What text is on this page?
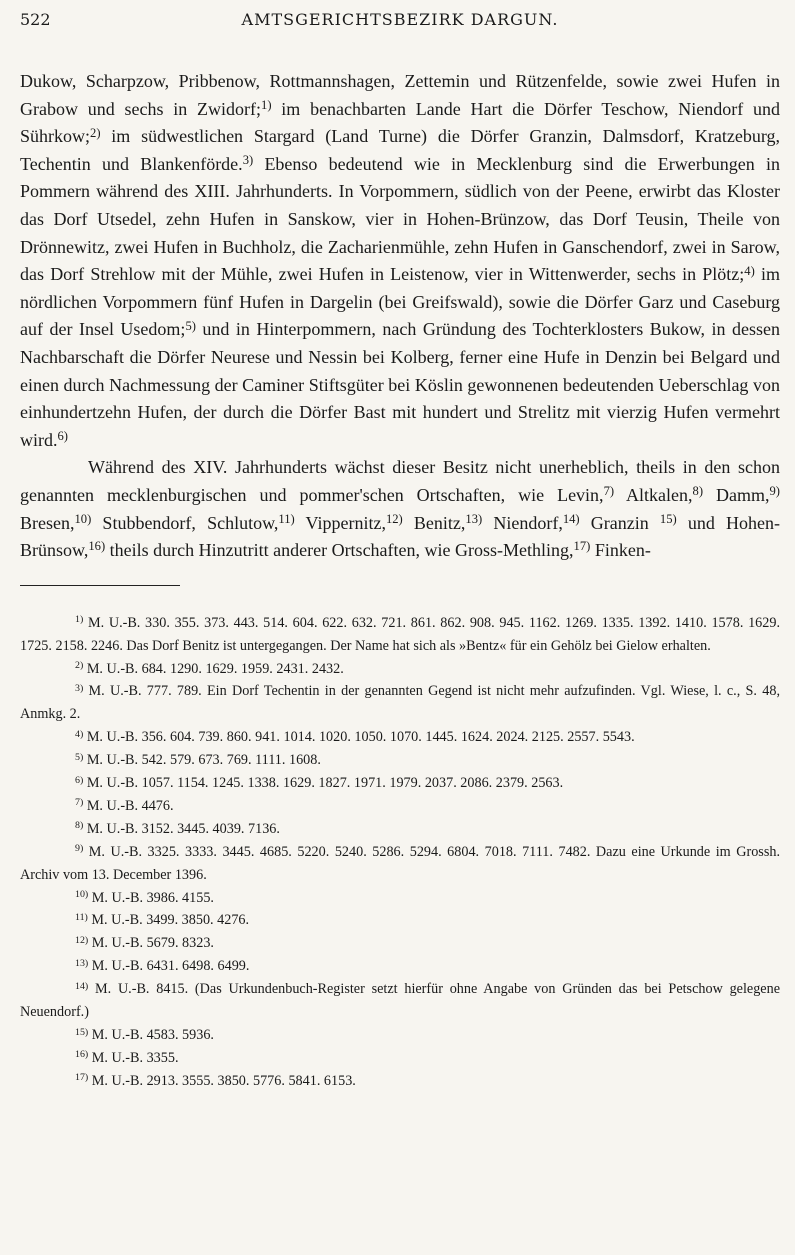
522	AMTSGERICHTSBEZIRK DARGUN.

Dukow, Scharpzow, Pribbenow, Rottmannshagen, Zettemin und Rützenfelde, sowie zwei Hufen in Grabow und sechs in Zwidorf;$^{1)}$ im benachbarten Lande Hart die Dörfer Teschow, Niendorf und Sührkow;$^{2)}$ im südwestlichen Stargard (Land Turne) die Dörfer Granzin, Dalmsdorf, Kratzeburg, Techentin und Blankenförde.$^{3)}$ Ebenso bedeutend wie in Mecklenburg sind die Erwerbungen in Pommern während des XIII. Jahrhunderts. In Vorpommern, südlich von der Peene, erwirbt das Kloster das Dorf Utsedel, zehn Hufen in Sanskow, vier in Hohen-Brünzow, das Dorf Teusin, Theile von Drönnewitz, zwei Hufen in Buchholz, die Zacharienmühle, zehn Hufen in Ganschendorf, zwei in Sarow, das Dorf Strehlow mit der Mühle, zwei Hufen in Leistenow, vier in Wittenwerder, sechs in Plötz;$^{4)}$ im nördlichen Vorpommern fünf Hufen in Dargelin (bei Greifswald), sowie die Dörfer Garz und Caseburg auf der Insel Usedom;$^{5)}$ und in Hinterpommern, nach Gründung des Tochterklosters Bukow, in dessen Nachbarschaft die Dörfer Neurese und Nessin bei Kolberg, ferner eine Hufe in Denzin bei Belgard und einen durch Nachmessung der Caminer Stiftsgüter bei Köslin gewonnenen bedeutenden Ueberschlag von einhundertzehn Hufen, der durch die Dörfer Bast mit hundert und Strelitz mit vierzig Hufen vermehrt wird.$^{6)}$

Während des XIV. Jahrhunderts wächst dieser Besitz nicht unerheblich, theils in den schon genannten mecklenburgischen und pommer'schen Ortschaften, wie Levin,$^{7)}$ Altkalen,$^{8)}$ Damm,$^{9)}$ Bresen,$^{10)}$ Stubbendorf, Schlutow,$^{11)}$ Vippernitz,$^{12)}$ Benitz,$^{13)}$ Niendorf,$^{14)}$ Granzin $^{15)}$ und Hohen-Brünsow,$^{16)}$ theils durch Hinzutritt anderer Ortschaften, wie Gross-Methling,$^{17)}$ Finken-

$^{1)}$ M. U.-B. 330. 355. 373. 443. 514. 604. 622. 632. 721. 861. 862. 908. 945. 1162. 1269. 1335. 1392. 1410. 1578. 1629. 1725. 2158. 2246. Das Dorf Benitz ist untergegangen. Der Name hat sich als »Bentz« für ein Gehölz bei Gielow erhalten.
$^{2)}$ M. U.-B. 684. 1290. 1629. 1959. 2431. 2432.
$^{3)}$ M. U.-B. 777. 789. Ein Dorf Techentin in der genannten Gegend ist nicht mehr aufzufinden. Vgl. Wiese, l. c., S. 48, Anmkg. 2.
$^{4)}$ M. U.-B. 356. 604. 739. 860. 941. 1014. 1020. 1050. 1070. 1445. 1624. 2024. 2125. 2557. 5543.
$^{5)}$ M. U.-B. 542. 579. 673. 769. 1111. 1608.
$^{6)}$ M. U.-B. 1057. 1154. 1245. 1338. 1629. 1827. 1971. 1979. 2037. 2086. 2379. 2563.
$^{7)}$ M. U.-B. 4476.
$^{8)}$ M. U.-B. 3152. 3445. 4039. 7136.
$^{9)}$ M. U.-B. 3325. 3333. 3445. 4685. 5220. 5240. 5286. 5294. 6804. 7018. 7111. 7482. Dazu eine Urkunde im Grossh. Archiv vom 13. December 1396.
$^{10)}$ M. U.-B. 3986. 4155.
$^{11)}$ M. U.-B. 3499. 3850. 4276.
$^{12)}$ M. U.-B. 5679. 8323.
$^{13)}$ M. U.-B. 6431. 6498. 6499.
$^{14)}$ M. U.-B. 8415. (Das Urkundenbuch-Register setzt hierfür ohne Angabe von Gründen das bei Petschow gelegene Neuendorf.)
$^{15)}$ M. U.-B. 4583. 5936.
$^{16)}$ M. U.-B. 3355.
$^{17)}$ M. U.-B. 2913. 3555. 3850. 5776. 5841. 6153.
